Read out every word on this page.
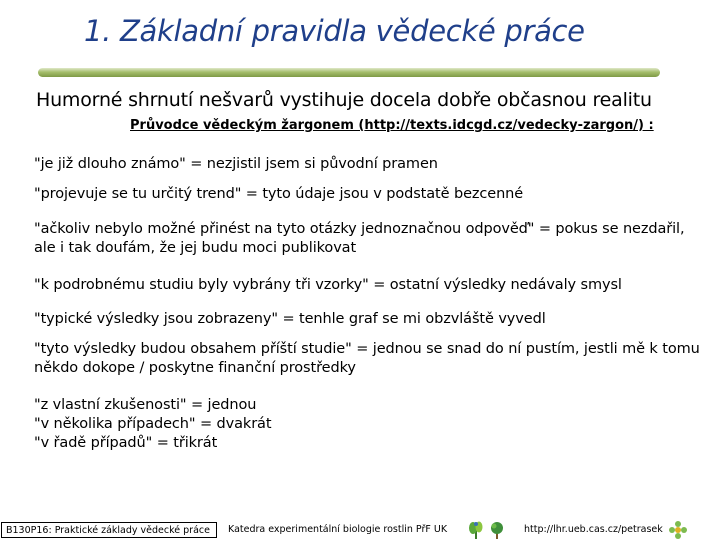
1. Základní pravidla vědecké práce
Humorné shrnutí nešvarů vystihuje docela dobře občasnou realitu
Průvodce vědeckým žargonem (http://texts.idcgd.cz/vedecky-zargon/) :
"je již dlouho známo" = nezjistil jsem si původní pramen
"projevuje se tu určitý trend" = tyto údaje jsou v podstatě bezcenné
"ačkoliv nebylo možné přinést na tyto otázky jednoznačnou odpověď" = pokus se nezdařil,
ale i tak doufám, že jej budu moci publikovat
"k podrobnému studiu byly vybrány tři vzorky" = ostatní výsledky nedávaly smysl
"typické výsledky jsou zobrazeny" = tenhle graf se mi obzvláště vyvedl
"tyto výsledky budou obsahem příští studie" = jednou se snad do ní pustím, jestli mě k tomu
někdo dokope / poskytne finanční prostředky
"z vlastní zkušenosti" = jednou
"v několika případech" = dvakrát
"v řadě případů" = třikrát
B130P16: Praktické základy vědecké práce	Katedra experimentální biologie rostlin PřF UK	http://lhr.ueb.cas.cz/petrasek
